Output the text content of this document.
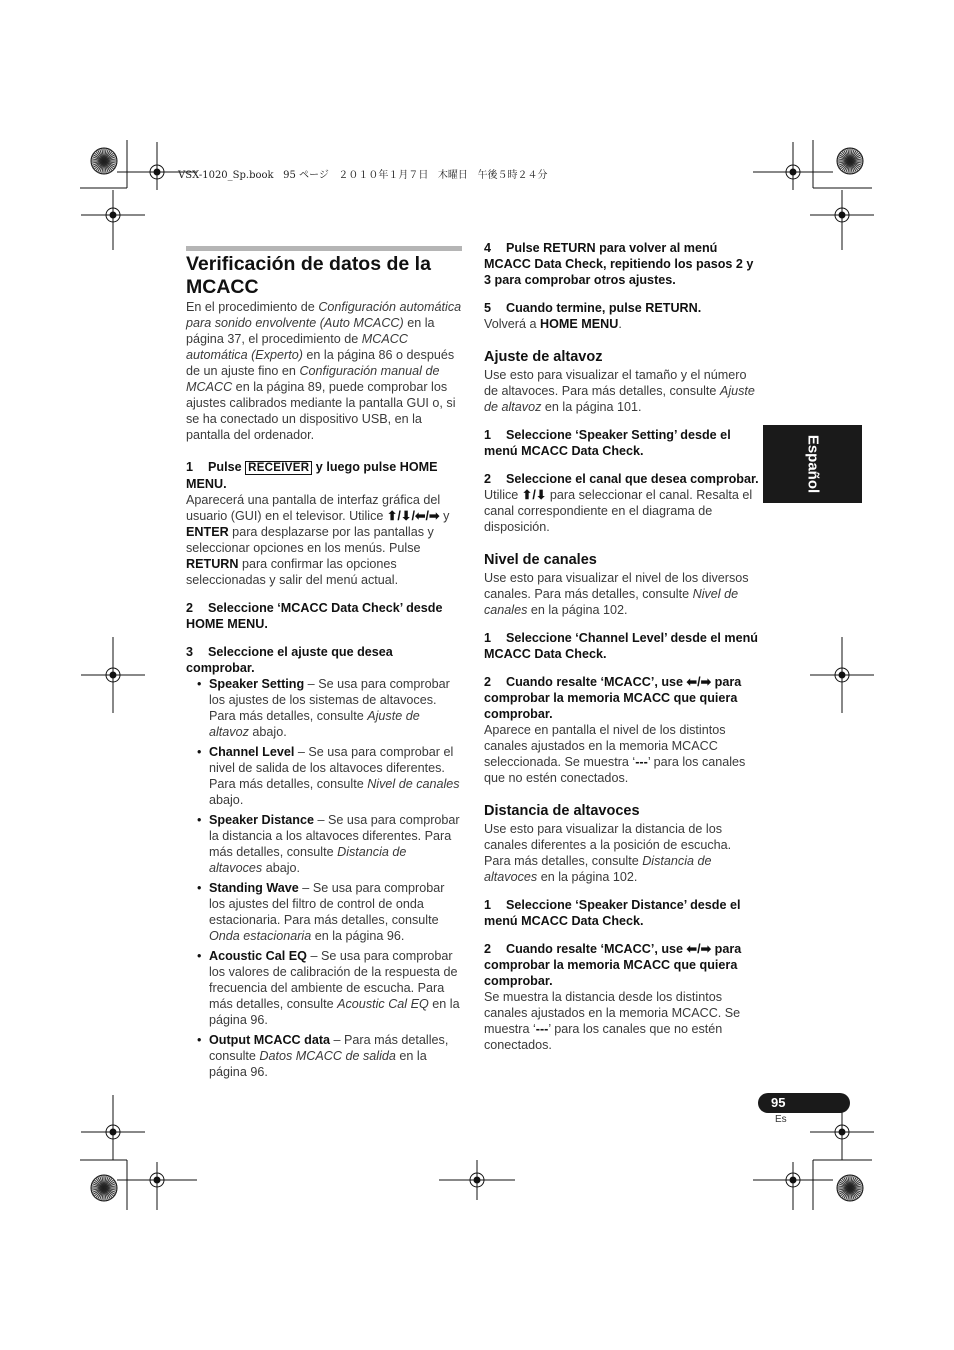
VSX-1020_Sp.book   95 ページ   ２０１０年１月７日   木曜日   午後５時２４分
Verificación de datos de la
MCACC

En el procedimiento de Configuración automática para sonido envolvente (Auto MCACC) en la página 37, el procedimiento de MCACC automática (Experto) en la página 86 o después de un ajuste fino en Configuración manual de MCACC en la página 89, puede comprobar los ajustes calibrados mediante la pantalla GUI o, si se ha conectado un dispositivo USB, en la pantalla del ordenador.

1 Pulse RECEIVER y luego pulse HOME MENU.

Aparecerá una pantalla de interfaz gráfica del usuario (GUI) en el televisor. Utilice ⬆/⬇/⬅/➡ y ENTER para desplazarse por las pantallas y seleccionar opciones en los menús. Pulse RETURN para confirmar las opciones seleccionadas y salir del menú actual.

2 Seleccione ‘MCACC Data Check’ desde HOME MENU.

3 Seleccione el ajuste que desea comprobar.

• Speaker Setting – Se usa para comprobar los ajustes de los sistemas de altavoces. Para más detalles, consulte Ajuste de altavoz abajo.
• Channel Level – Se usa para comprobar el nivel de salida de los altavoces diferentes. Para más detalles, consulte Nivel de canales abajo.
• Speaker Distance – Se usa para comprobar la distancia a los altavoces diferentes. Para más detalles, consulte Distancia de altavoces abajo.
• Standing Wave – Se usa para comprobar los ajustes del filtro de control de onda estacionaria. Para más detalles, consulte Onda estacionaria en la página 96.
• Acoustic Cal EQ – Se usa para comprobar los valores de calibración de la respuesta de frecuencia del ambiente de escucha. Para más detalles, consulte Acoustic Cal EQ en la página 96.
• Output MCACC data – Para más detalles, consulte Datos MCACC de salida en la página 96.

4 Pulse RETURN para volver al menú MCACC Data Check, repitiendo los pasos 2 y 3 para comprobar otros ajustes.

5 Cuando termine, pulse RETURN.

Volverá a HOME MENU.

Ajuste de altavoz

Use esto para visualizar el tamaño y el número de altavoces. Para más detalles, consulte Ajuste de altavoz en la página 101.

1 Seleccione ‘Speaker Setting’ desde el menú MCACC Data Check.

2 Seleccione el canal que desea comprobar.

Utilice ⬆/⬇ para seleccionar el canal. Resalta el canal correspondiente en el diagrama de disposición.

Nivel de canales

Use esto para visualizar el nivel de los diversos canales. Para más detalles, consulte Nivel de canales en la página 102.

1 Seleccione ‘Channel Level’ desde el menú MCACC Data Check.

2 Cuando resalte ‘MCACC’, use ⬅/➡ para comprobar la memoria MCACC que quiera comprobar.

Aparece en pantalla el nivel de los distintos canales ajustados en la memoria MCACC seleccionada. Se muestra ‘---’ para los canales que no estén conectados.

Distancia de altavoces

Use esto para visualizar la distancia de los canales diferentes a la posición de escucha. Para más detalles, consulte Distancia de altavoces en la página 102.

1 Seleccione ‘Speaker Distance’ desde el menú MCACC Data Check.

2 Cuando resalte ‘MCACC’, use ⬅/➡ para comprobar la memoria MCACC que quiera comprobar.

Se muestra la distancia desde los distintos canales ajustados en la memoria MCACC. Se muestra ‘---’ para los canales que no estén conectados.

Español
95
Es
